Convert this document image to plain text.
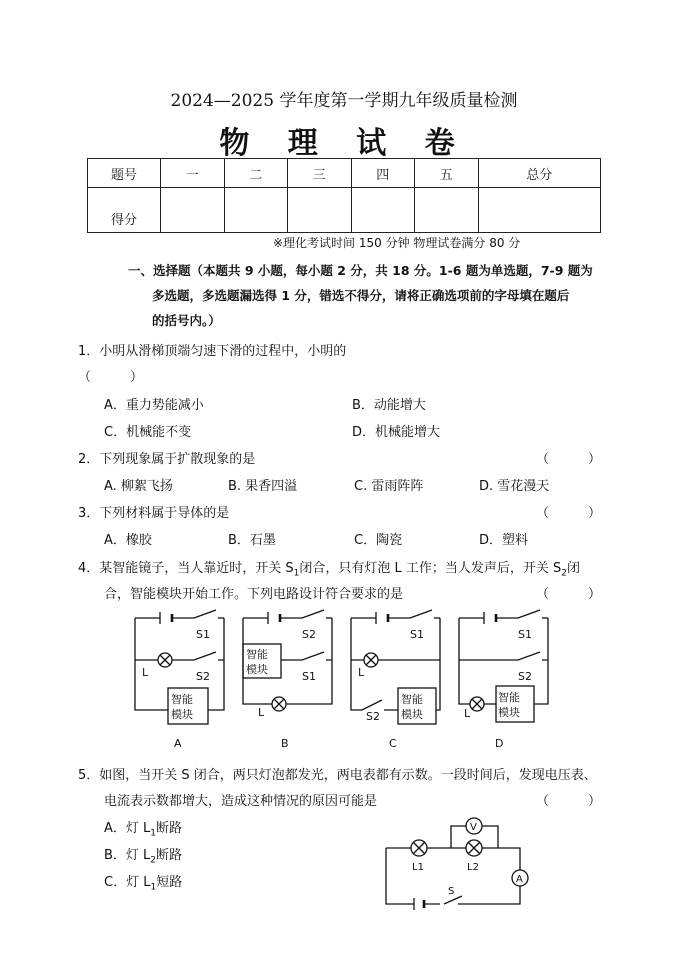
2024—2025 学年度第一学期九年级质量检测
物 理 试 卷
题号	一	二	三	四	五	总分
得分						
※理化考试时间 150 分钟 物理试卷满分 80 分
一、选择题（本题共 9 小题，每小题 2 分，共 18 分。1-6 题为单选题，7-9 题为
多选题，多选题漏选得 1 分，错选不得分，请将正确选项前的字母填在题后
的括号内。）
1．小明从滑梯顶端匀速下滑的过程中，小明的
（　　　）
A．重力势能减小	B．动能增大
C．机械能不变	D．机械能增大
2．下列现象属于扩散现象的是	（　　　）
A. 柳絮飞扬	B. 果香四溢	C. 雷雨阵阵	D. 雪花漫天
3．下列材料属于导体的是	（　　　）
A．橡胶	B．石墨	C．陶瓷	D．塑料
4．某智能镜子，当人靠近时，开关 $S_1$闭合，只有灯泡 L 工作；当人发声后，开关 $S_2$闭
合，智能模块开始工作。下列电路设计符合要求的是	（　　　）
S1
S2
L
智能
模块
A
S2
S1
L
智能
模块
B
S1
L
S2
智能
模块
C
S1
S2
L
智能
模块
D
5．如图，当开关 S 闭合，两只灯泡都发光，两电表都有示数。一段时间后，发现电压表、
电流表示数都增大，造成这种情况的原因可能是	（　　　）
A．灯 $L_1$断路
B．灯 $L_2$断路
C．灯 $L_1$短路
V
A
L1	L2
S
